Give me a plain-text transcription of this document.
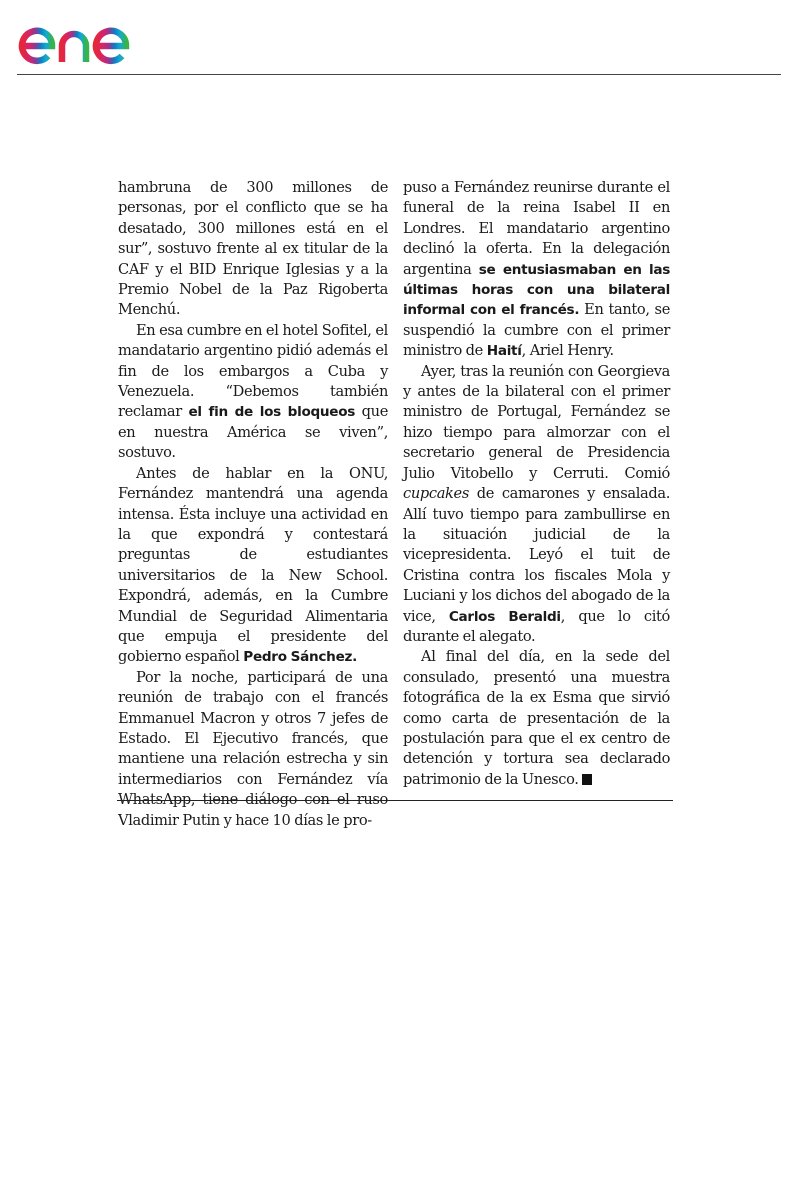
hambruna de 300 millones de personas, por el conflicto que se ha desatado, 300 millones está en el sur”, sostuvo frente al ex titular de la CAF y el BID Enrique Iglesias y a la Premio Nobel de la Paz Rigoberta Menchú.

En esa cumbre en el hotel Sofitel, el mandatario argentino pidió además el fin de los embargos a Cuba y Venezuela. “Debemos también reclamar el fin de los bloqueos que en nuestra América se viven”, sostuvo.

Antes de hablar en la ONU, Fernández mantendrá una agenda intensa. Ésta incluye una actividad en la que expondrá y contestará preguntas de estudiantes universitarios de la New School. Expondrá, además, en la Cumbre Mundial de Seguridad Alimentaria que empuja el presidente del gobierno español Pedro Sánchez.

Por la noche, participará de una reunión de trabajo con el francés Emmanuel Macron y otros 7 jefes de Estado. El Ejecutivo francés, que mantiene una relación estrecha y sin intermediarios con Fernández vía WhatsApp, tiene diálogo con el ruso Vladimir Putin y hace 10 días le pro-

puso a Fernández reunirse durante el funeral de la reina Isabel II en Londres. El mandatario argentino declinó la oferta. En la delegación argentina se entusiasmaban en las últimas horas con una bilateral informal con el francés. En tanto, se suspendió la cumbre con el primer ministro de Haití, Ariel Henry.

Ayer, tras la reunión con Georgieva y antes de la bilateral con el primer ministro de Portugal, Fernández se hizo tiempo para almorzar con el secretario general de Presidencia Julio Vitobello y Cerruti. Comió cupcakes de camarones y ensalada. Allí tuvo tiempo para zambullirse en la situación judicial de la vicepresidenta. Leyó el tuit de Cristina contra los fiscales Mola y Luciani y los dichos del abogado de la vice, Carlos Beraldi, que lo citó durante el alegato.

Al final del día, en la sede del consulado, presentó una muestra fotográfica de la ex Esma que sirvió como carta de presentación de la postulación para que el ex centro de detención y tortura sea declarado patrimonio de la Unesco.
